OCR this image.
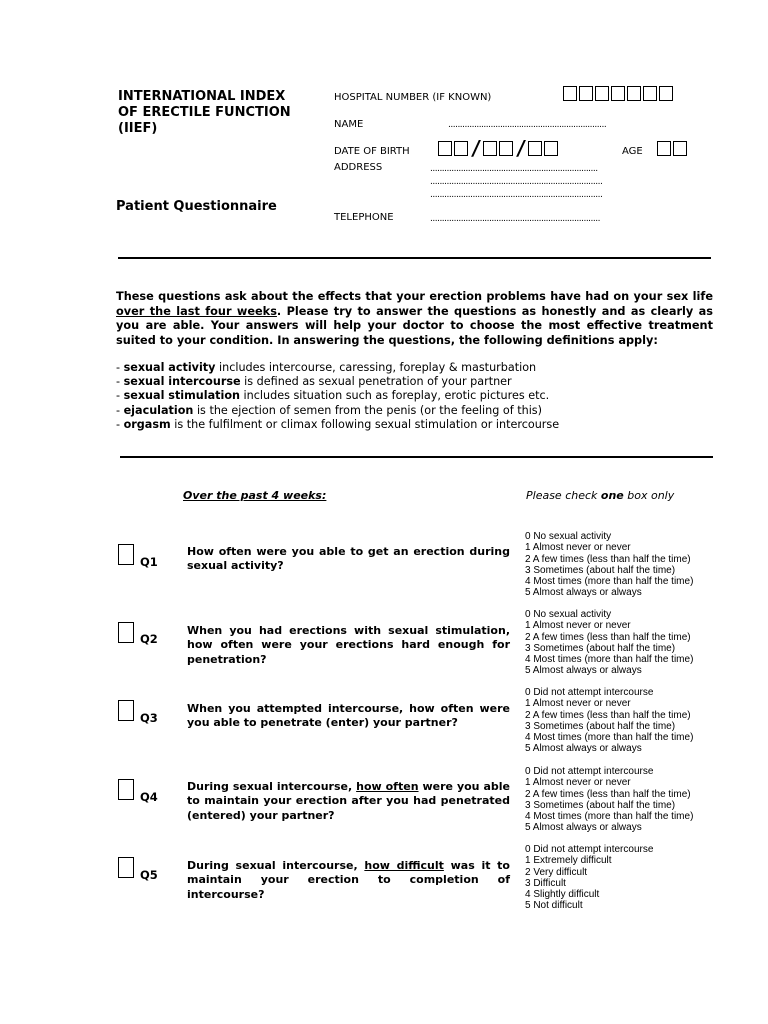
INTERNATIONAL INDEX
OF ERECTILE FUNCTION
(IIEF)
Patient Questionnaire
HOSPITAL NUMBER (IF KNOWN)
NAME	...................................................................
DATE OF BIRTH	/ /	AGE
ADDRESS	.......................................................................
.........................................................................
.........................................................................
TELEPHONE	........................................................................
These questions ask about the effects that your erection problems have had on your sex life over the last four weeks. Please try to answer the questions as honestly and as clearly as you are able. Your answers will help your doctor to choose the most effective treatment suited to your condition. In answering the questions, the following definitions apply:
- sexual activity includes intercourse, caressing, foreplay & masturbation
- sexual intercourse is defined as sexual penetration of your partner
- sexual stimulation includes situation such as foreplay, erotic pictures etc.
- ejaculation is the ejection of semen from the penis (or the feeling of this)
- orgasm is the fulfilment or climax following sexual stimulation or intercourse
Over the past 4 weeks:	Please check one box only
Q1
How often were you able to get an erection during sexual activity?
0 No sexual activity
1 Almost never or never
2 A few times (less than half the time)
3 Sometimes (about half the time)
4 Most times (more than half the time)
5 Almost always or always
Q2
When you had erections with sexual stimulation, how often were your erections hard enough for penetration?
0 No sexual activity
1 Almost never or never
2 A few times (less than half the time)
3 Sometimes (about half the time)
4 Most times (more than half the time)
5 Almost always or always
Q3
When you attempted intercourse, how often were you able to penetrate (enter) your partner?
0 Did not attempt intercourse
1 Almost never or never
2 A few times (less than half the time)
3 Sometimes (about half the time)
4 Most times (more than half the time)
5 Almost always or always
Q4
During sexual intercourse, how often were you able to maintain your erection after you had penetrated (entered) your partner?
0 Did not attempt intercourse
1 Almost never or never
2 A few times (less than half the time)
3 Sometimes (about half the time)
4 Most times (more than half the time)
5 Almost always or always
Q5
During sexual intercourse, how difficult was it to maintain your erection to completion of intercourse?
0 Did not attempt intercourse
1 Extremely difficult
2 Very difficult
3 Difficult
4 Slightly difficult
5 Not difficult
